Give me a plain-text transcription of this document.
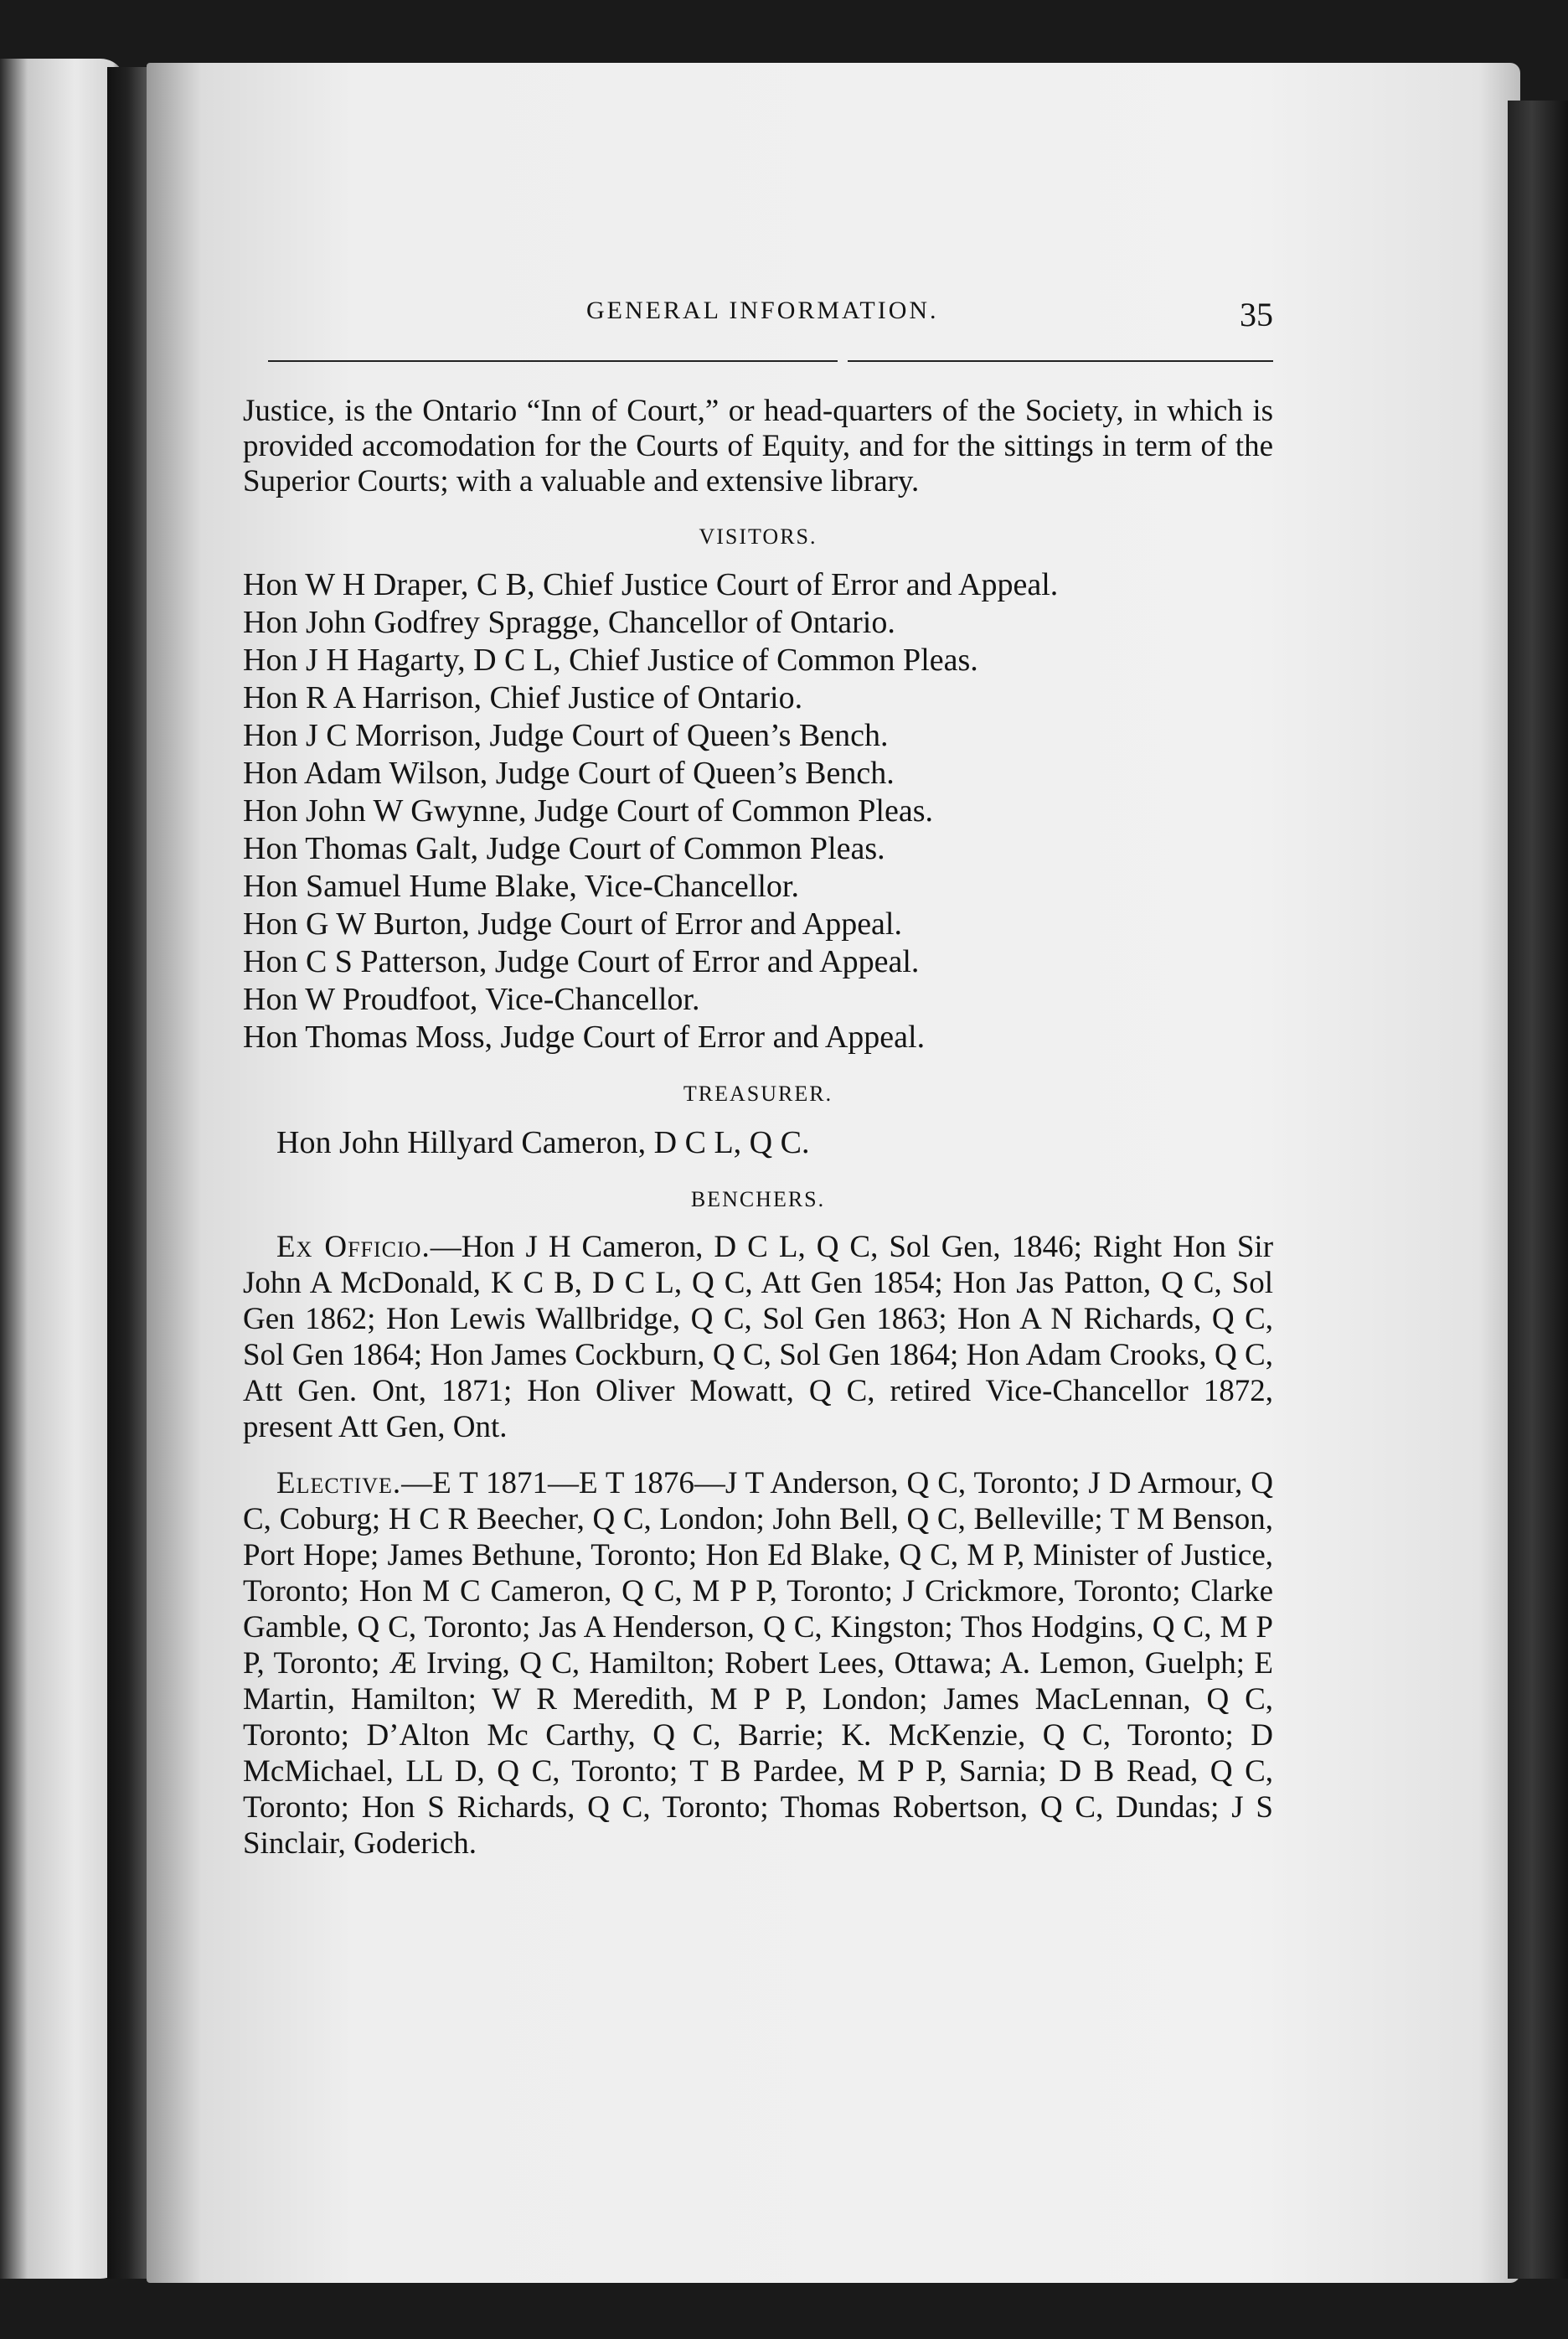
GENERAL INFORMATION.	35

Justice, is the Ontario “Inn of Court,” or head-quarters of the Society, in which is provided accomodation for the Courts of Equity, and for the sittings in term of the Superior Courts; with a valuable and extensive library.

VISITORS.
Hon W H Draper, C B, Chief Justice Court of Error and Appeal.
Hon John Godfrey Spragge, Chancellor of Ontario.
Hon J H Hagarty, D C L, Chief Justice of Common Pleas.
Hon R A Harrison, Chief Justice of Ontario.
Hon J C Morrison, Judge Court of Queen’s Bench.
Hon Adam Wilson, Judge Court of Queen’s Bench.
Hon John W Gwynne, Judge Court of Common Pleas.
Hon Thomas Galt, Judge Court of Common Pleas.
Hon Samuel Hume Blake, Vice-Chancellor.
Hon G W Burton, Judge Court of Error and Appeal.
Hon C S Patterson, Judge Court of Error and Appeal.
Hon W Proudfoot, Vice-Chancellor.
Hon Thomas Moss, Judge Court of Error and Appeal.
TREASURER.
Hon John Hillyard Cameron, D C L, Q C.
BENCHERS.

Ex Officio.—Hon J H Cameron, D C L, Q C, Sol Gen, 1846; Right Hon Sir John A McDonald, K C B, D C L, Q C, Att Gen 1854; Hon Jas Patton, Q C, Sol Gen 1862; Hon Lewis Wallbridge, Q C, Sol Gen 1863; Hon A N Richards, Q C, Sol Gen 1864; Hon James Cockburn, Q C, Sol Gen 1864; Hon Adam Crooks, Q C, Att Gen. Ont, 1871; Hon Oliver Mowatt, Q C, retired Vice-Chancellor 1872, present Att Gen, Ont.

Elective.—E T 1871—E T 1876—J T Anderson, Q C, Toronto; J D Armour, Q C, Coburg; H C R Beecher, Q C, London; John Bell, Q C, Belleville; T M Benson, Port Hope; James Bethune, Toronto; Hon Ed Blake, Q C, M P, Minister of Justice, Toronto; Hon M C Cameron, Q C, M P P, Toronto; J Crickmore, Toronto; Clarke Gamble, Q C, Toronto; Jas A Henderson, Q C, Kingston; Thos Hodgins, Q C, M P P, Toronto; Æ Irving, Q C, Hamilton; Robert Lees, Ottawa; A. Lemon, Guelph; E Martin, Hamilton; W R Meredith, M P P, London; James MacLennan, Q C, Toronto; D’Alton Mc Carthy, Q C, Barrie; K. McKenzie, Q C, Toronto; D McMichael, LL D, Q C, Toronto; T B Pardee, M P P, Sarnia; D B Read, Q C, Toronto; Hon S Richards, Q C, Toronto; Thomas Robertson, Q C, Dundas; J S Sinclair, Goderich.
